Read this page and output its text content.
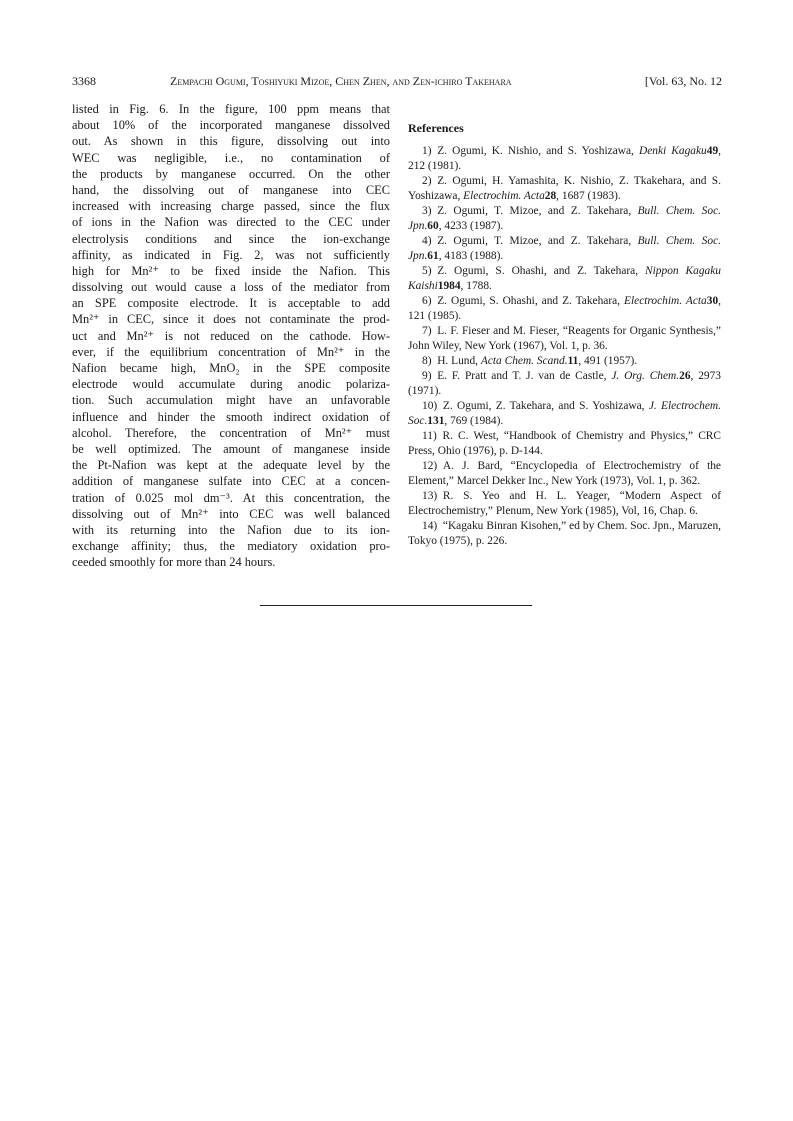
3368	Zempachi Ogumi, Toshiyuki Mizoe, Chen Zhen, and Zen-ichiro Takehara	[Vol. 63, No. 12
listed in Fig. 6. In the figure, 100 ppm means that
about 10% of the incorporated manganese dissolved
out. As shown in this figure, dissolving out into
WEC was negligible, i.e., no contamination of
the products by manganese occurred. On the other
hand, the dissolving out of manganese into CEC
increased with increasing charge passed, since the flux
of ions in the Nafion was directed to the CEC under
electrolysis conditions and since the ion-exchange
affinity, as indicated in Fig. 2, was not sufficiently
high for Mn²⁺ to be fixed inside the Nafion. This
dissolving out would cause a loss of the mediator from
an SPE composite electrode. It is acceptable to add
Mn²⁺ in CEC, since it does not contaminate the prod-
uct and Mn²⁺ is not reduced on the cathode. How-
ever, if the equilibrium concentration of Mn²⁺ in the
Nafion became high, MnO₂ in the SPE composite
electrode would accumulate during anodic polariza-
tion. Such accumulation might have an unfavorable
influence and hinder the smooth indirect oxidation of
alcohol. Therefore, the concentration of Mn²⁺ must
be well optimized. The amount of manganese inside
the Pt-Nafion was kept at the adequate level by the
addition of manganese sulfate into CEC at a concen-
tration of 0.025 mol dm⁻³. At this concentration, the
dissolving out of Mn²⁺ into CEC was well balanced
with its returning into the Nafion due to its ion-
exchange affinity; thus, the mediatory oxidation pro-
ceeded smoothly for more than 24 hours.
References
1)  Z. Ogumi, K. Nishio, and S. Yoshizawa, Denki Kagaku49, 212 (1981).
2)  Z. Ogumi, H. Yamashita, K. Nishio, Z. Tkakehara, and S. Yoshizawa, Electrochim. Acta28, 1687 (1983).
3)  Z. Ogumi, T. Mizoe, and Z. Takehara, Bull. Chem. Soc. Jpn.60, 4233 (1987).
4)  Z. Ogumi, T. Mizoe, and Z. Takehara, Bull. Chem. Soc. Jpn.61, 4183 (1988).
5)  Z. Ogumi, S. Ohashi, and Z. Takehara, Nippon Kagaku Kaishi1984, 1788.
6)  Z. Ogumi, S. Ohashi, and Z. Takehara, Electrochim. Acta30, 121 (1985).
7)  L. F. Fieser and M. Fieser, “Reagents for Organic Synthesis,” John Wiley, New York (1967), Vol. 1, p. 36.
8)  H. Lund, Acta Chem. Scand.11, 491 (1957).
9)  E. F. Pratt and T. J. van de Castle, J. Org. Chem.26, 2973 (1971).
10)  Z. Ogumi, Z. Takehara, and S. Yoshizawa, J. Electrochem. Soc.131, 769 (1984).
11)  R. C. West, “Handbook of Chemistry and Physics,” CRC Press, Ohio (1976), p. D-144.
12)  A. J. Bard, “Encyclopedia of Electrochemistry of the Element,” Marcel Dekker Inc., New York (1973), Vol. 1, p. 362.
13)  R. S. Yeo and H. L. Yeager, “Modern Aspect of Electrochemistry,” Plenum, New York (1985), Vol, 16, Chap. 6.
14)  “Kagaku Binran Kisohen,” ed by Chem. Soc. Jpn., Maruzen, Tokyo (1975), p. 226.
